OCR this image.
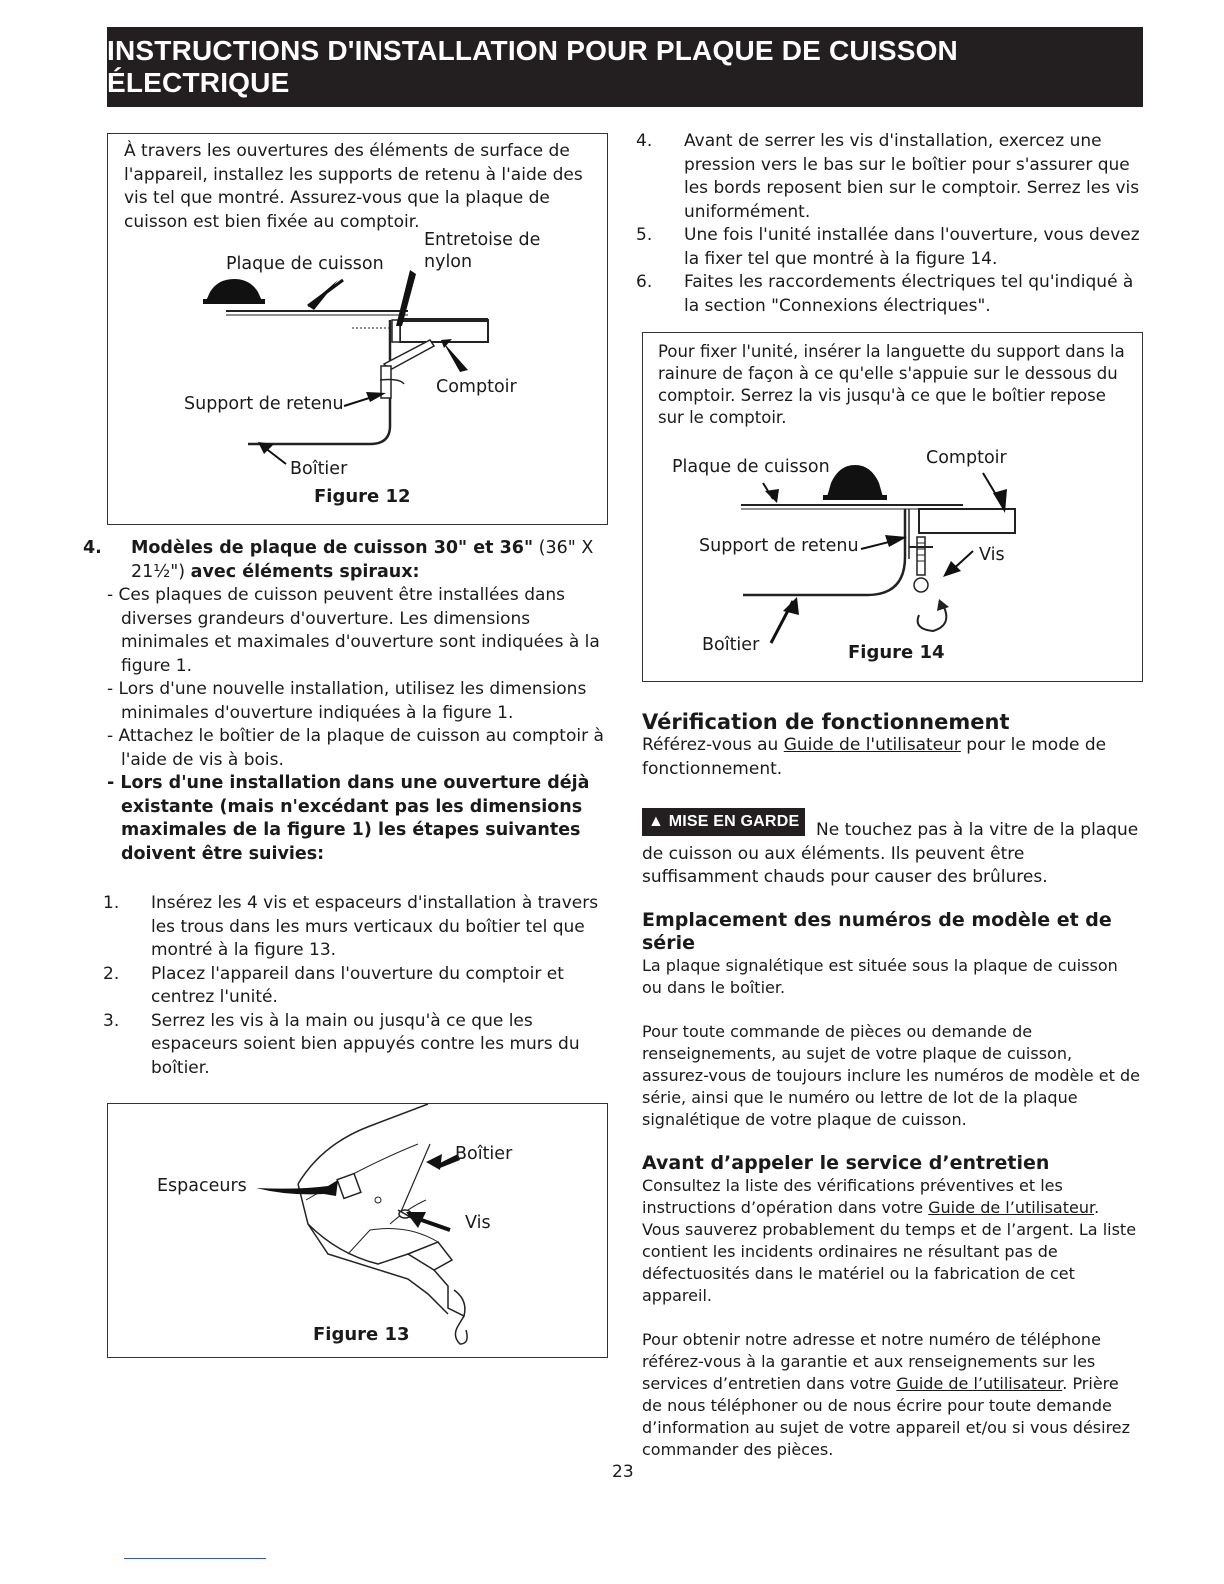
INSTRUCTIONS D'INSTALLATION POUR PLAQUE DE CUISSON ÉLECTRIQUE
À travers les ouvertures des éléments de surface de l'appareil, installez les supports de retenu à l'aide des vis tel que montré. Assurez-vous que la plaque de cuisson est bien fixée au comptoir.
Plaque de cuisson
Entretoise de
nylon
Comptoir
Support de retenu
Boîtier
Figure 12
4. Modèles de plaque de cuisson 30" et 36" (36" X 21½") avec éléments spiraux:
- Ces plaques de cuisson peuvent être installées dans diverses grandeurs d'ouverture. Les dimensions minimales et maximales d'ouverture sont indiquées à la figure 1.
- Lors d'une nouvelle installation, utilisez les dimensions minimales d'ouverture indiquées à la figure 1.
- Attachez le boîtier de la plaque de cuisson au comptoir à l'aide de vis à bois.
- Lors d'une installation dans une ouverture déjà existante (mais n'excédant pas les dimensions maximales de la figure 1) les étapes suivantes doivent être suivies:
1. Insérez les 4 vis et espaceurs d'installation à travers les trous dans les murs verticaux du boîtier tel que montré à la figure 13.
2. Placez l'appareil dans l'ouverture du comptoir et centrez l'unité.
3. Serrez les vis à la main ou jusqu'à ce que les espaceurs soient bien appuyés contre les murs du boîtier.
Espaceurs
Boîtier
Vis
Figure 13
4. Avant de serrer les vis d'installation, exercez une pression vers le bas sur le boîtier pour s'assurer que les bords reposent bien sur le comptoir. Serrez les vis uniformément.
5. Une fois l'unité installée dans l'ouverture, vous devez la fixer tel que montré à la figure 14.
6. Faites les raccordements électriques tel qu'indiqué à la section "Connexions électriques".
Pour fixer l'unité, insérer la languette du support dans la rainure de façon à ce qu'elle s'appuie sur le dessous du comptoir. Serrez la vis jusqu'à ce que le boîtier repose sur le comptoir.
Plaque de cuisson	Comptoir
Support de retenu	Vis
Boîtier	Figure 14
Vérification de fonctionnement
Référez-vous au Guide de l'utilisateur pour le mode de fonctionnement.
▲ MISE EN GARDE Ne touchez pas à la vitre de la plaque de cuisson ou aux éléments. Ils peuvent être suffisamment chauds pour causer des brûlures.
Emplacement des numéros de modèle et de série
La plaque signalétique est située sous la plaque de cuisson ou dans le boîtier.
Pour toute commande de pièces ou demande de renseignements, au sujet de votre plaque de cuisson, assurez-vous de toujours inclure les numéros de modèle et de série, ainsi que le numéro ou lettre de lot de la plaque signalétique de votre plaque de cuisson.
Avant d’appeler le service d’entretien
Consultez la liste des vérifications préventives et les instructions d’opération dans votre Guide de l’utilisateur. Vous sauverez probablement du temps et de l’argent. La liste contient les incidents ordinaires ne résultant pas de défectuosités dans le matériel ou la fabrication de cet appareil.
Pour obtenir notre adresse et notre numéro de téléphone référez-vous à la garantie et aux renseignements sur les services d’entretien dans votre Guide de l’utilisateur. Prière de nous téléphoner ou de nous écrire pour toute demande d’information au sujet de votre appareil et/ou si vous désirez commander des pièces.
23
